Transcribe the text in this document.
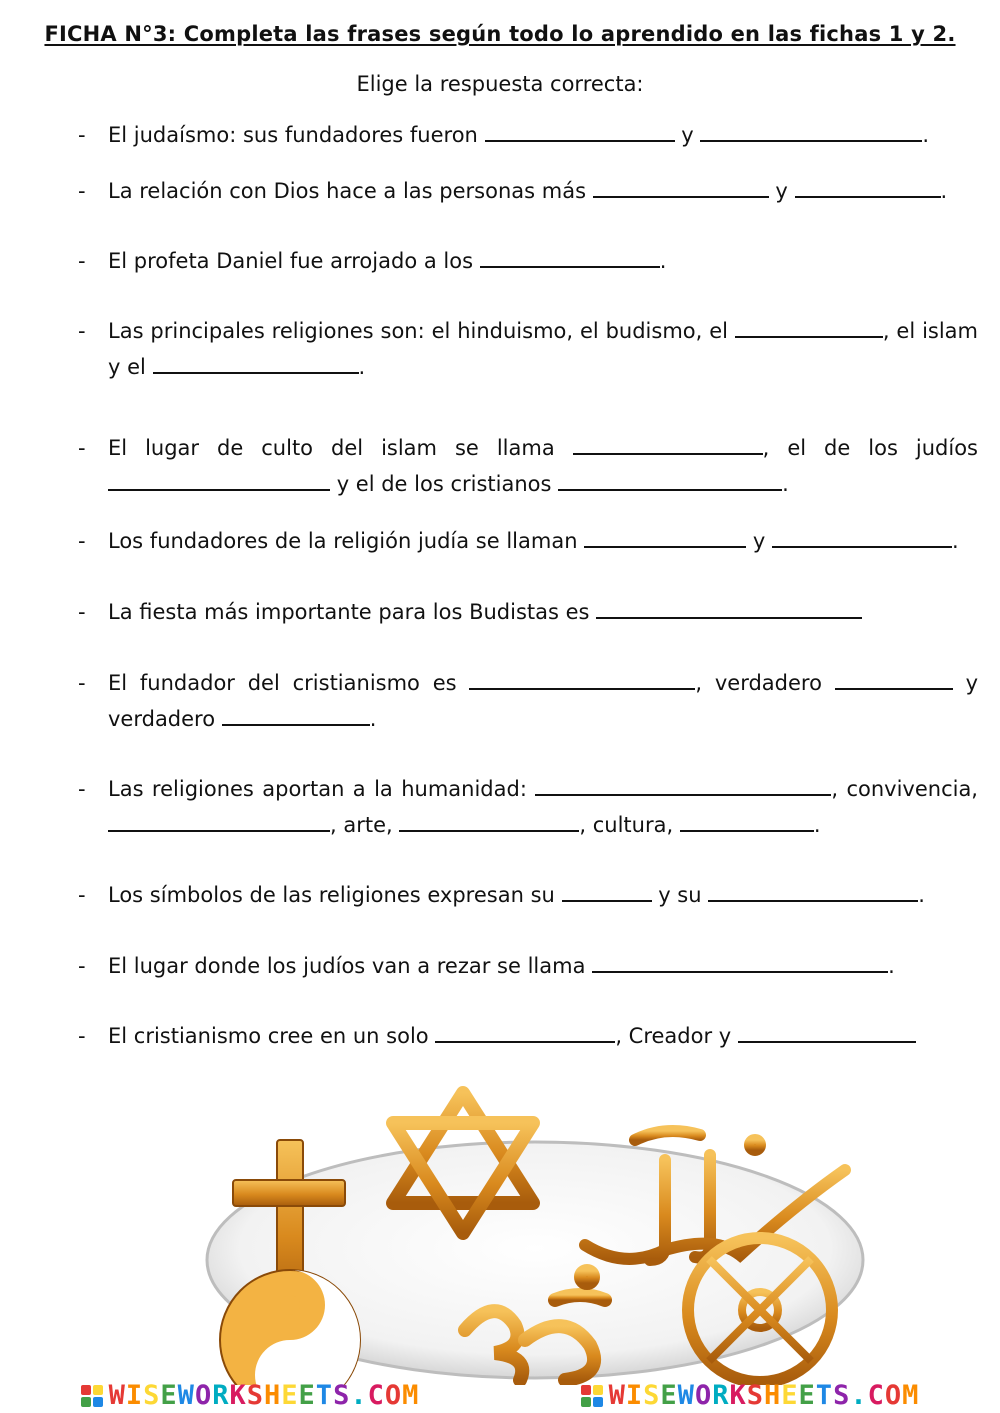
FICHA N°3: Completa las frases según todo lo aprendido en las fichas 1 y 2.
Elige la respuesta correcta:
- El judaísmo: sus fundadores fueron	y	.
- La relación con Dios hace a las personas más	y	.
- El profeta Daniel fue arrojado a los	.
- Las principales religiones son: el hinduismo, el budismo, el	, el islam
y el	.
- El lugar de culto del islam se llama	, el de los judíos
y el de los cristianos	.
- Los fundadores de la religión judía se llaman	y	.
- La fiesta más importante para los Budistas es
- El fundador del cristianismo es	, verdadero	y
verdadero	.
- Las religiones aportan a la humanidad:	, convivencia,
, arte,	, cultura,	.
- Los símbolos de las religiones expresan su	y su	.
- El lugar donde los judíos van a rezar se llama	.
- El cristianismo cree en un solo	, Creador y
WISEWORKSHEETS.COM	WISEWORKSHEETS.COM
